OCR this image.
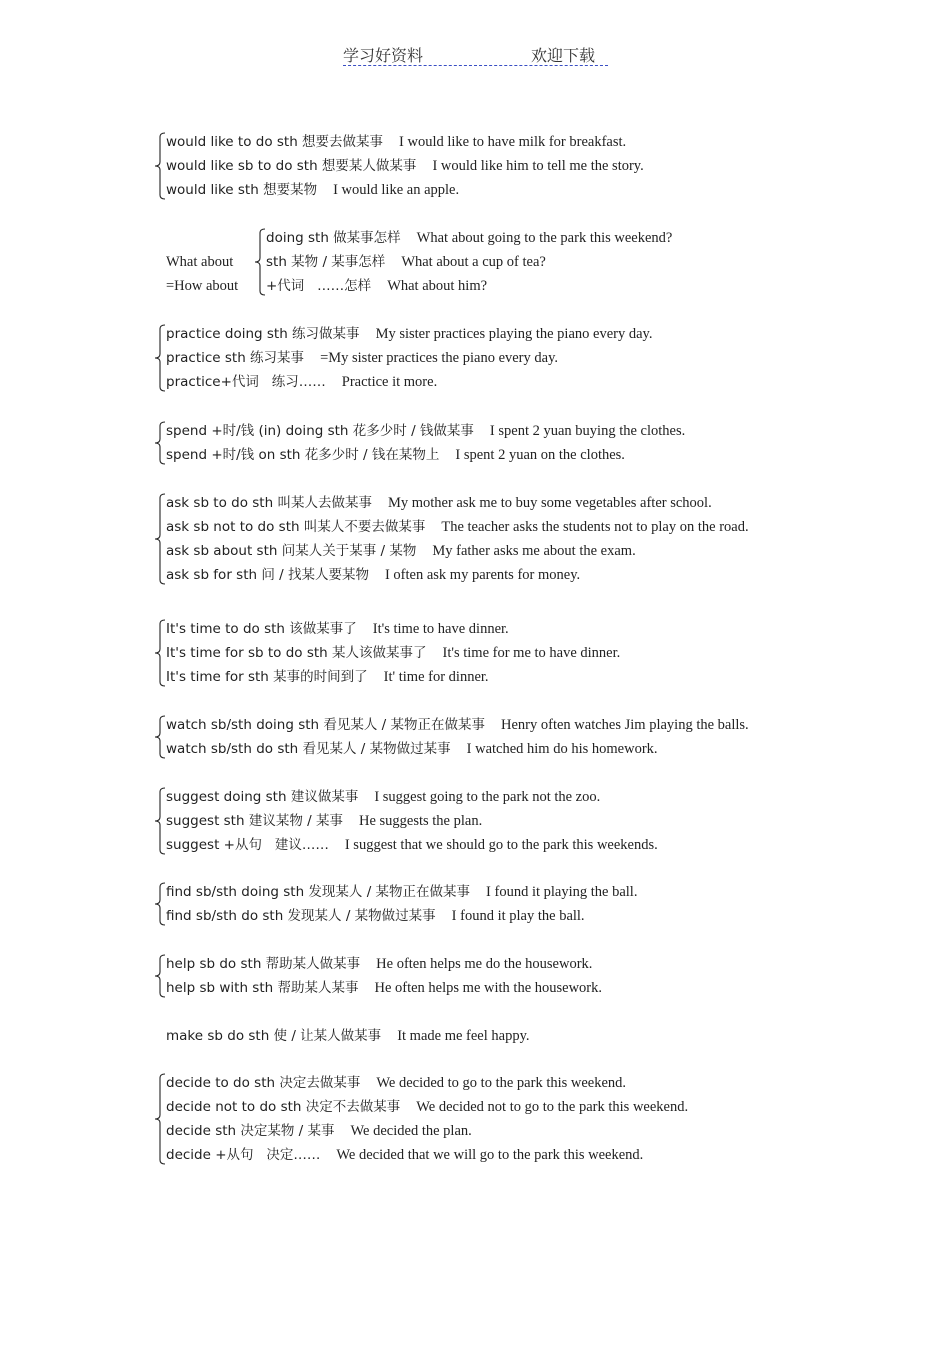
学习好资料	欢迎下载
What about
=How about
would like to do sth 想要去做某事 I would like to have milk for breakfast.
would like sb to do sth 想要某人做某事 I would like him to tell me the story.
would like sth 想要某物 I would like an apple.
practice doing sth 练习做某事 My sister practices playing the piano every day.
practice sth 练习某事 =My sister practices the piano every day.
practice+代词   练习…… Practice it more.
spend +时/钱 (in) doing sth 花多少时 / 钱做某事 I spent 2 yuan buying the clothes.
spend +时/钱 on sth 花多少时 / 钱在某物上 I spent 2 yuan on the clothes.
ask sb to do sth 叫某人去做某事 My mother ask me to buy some vegetables after school.
ask sb not to do sth 叫某人不要去做某事 The teacher asks the students not to play on the road.
ask sb about sth 问某人关于某事 / 某物 My father asks me about the exam.
ask sb for sth 问 / 找某人要某物 I often ask my parents for money.
It's time to do sth 该做某事了 It's time to have dinner.
It's time for sb to do sth 某人该做某事了 It's time for me to have dinner.
It's time for sth 某事的时间到了 It' time for dinner.
watch sb/sth doing sth 看见某人 / 某物正在做某事 Henry often watches Jim playing the balls.
watch sb/sth do sth 看见某人 / 某物做过某事 I watched him do his homework.
suggest doing sth 建议做某事 I suggest going to the park not the zoo.
suggest sth 建议某物 / 某事 He suggests the plan.
suggest +从句   建议…… I suggest that we should go to the park this weekends.
find sb/sth doing sth 发现某人 / 某物正在做某事 I found it playing the ball.
find sb/sth do sth 发现某人 / 某物做过某事 I found it play the ball.
help sb do sth 帮助某人做某事 He often helps me do the housework.
help sb with sth 帮助某人某事 He often helps me with the housework.
make sb do sth 使 / 让某人做某事 It made me feel happy.
decide to do sth 决定去做某事 We decided to go to the park this weekend.
decide not to do sth 决定不去做某事 We decided not to go to the park this weekend.
decide sth 决定某物 / 某事 We decided the plan.
decide +从句   决定…… We decided that we will go to the park this weekend.
doing sth 做某事怎样 What about going to the park this weekend?
sth 某物 / 某事怎样 What about a cup of tea?
+代词   ……怎样 What about him?
